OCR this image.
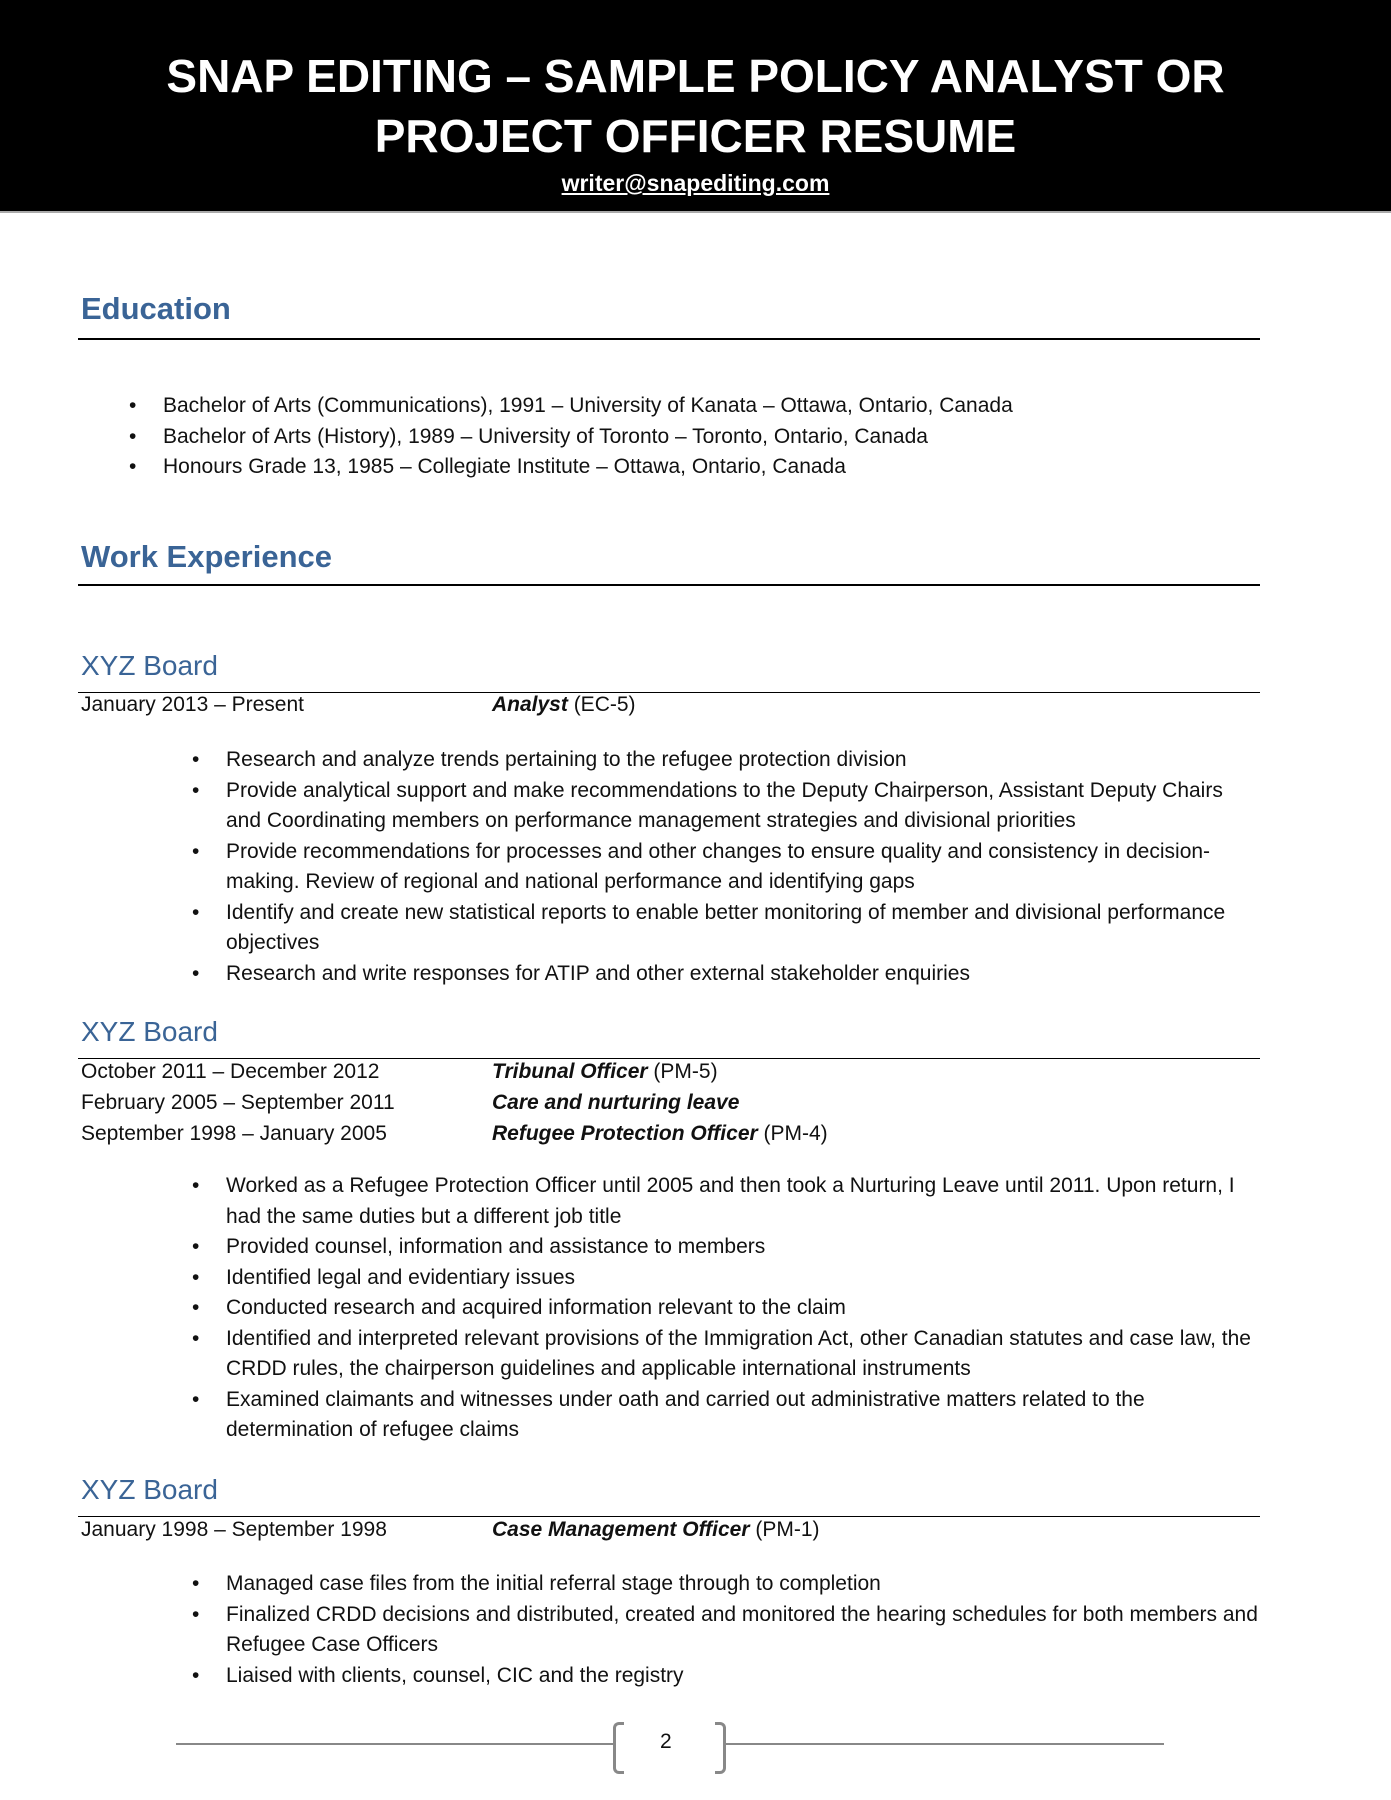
SNAP EDITING – SAMPLE POLICY ANALYST OR
PROJECT OFFICER RESUME
writer@snapediting.com
Education
• Bachelor of Arts (Communications), 1991 – University of Kanata – Ottawa, Ontario, Canada
• Bachelor of Arts (History), 1989 – University of Toronto – Toronto, Ontario, Canada
• Honours Grade 13, 1985 – Collegiate Institute – Ottawa, Ontario, Canada
Work Experience
XYZ Board
January 2013 – Present	Analyst (EC-5)
• Research and analyze trends pertaining to the refugee protection division
• Provide analytical support and make recommendations to the Deputy Chairperson, Assistant Deputy Chairs and Coordinating members on performance management strategies and divisional priorities
• Provide recommendations for processes and other changes to ensure quality and consistency in decision-making. Review of regional and national performance and identifying gaps
• Identify and create new statistical reports to enable better monitoring of member and divisional performance objectives
• Research and write responses for ATIP and other external stakeholder enquiries
XYZ Board
October 2011 – December 2012	Tribunal Officer (PM-5)
February 2005 – September 2011	Care and nurturing leave
September 1998 – January 2005	Refugee Protection Officer (PM-4)
• Worked as a Refugee Protection Officer until 2005 and then took a Nurturing Leave until 2011. Upon return, I had the same duties but a different job title
• Provided counsel, information and assistance to members
• Identified legal and evidentiary issues
• Conducted research and acquired information relevant to the claim
• Identified and interpreted relevant provisions of the Immigration Act, other Canadian statutes and case law, the CRDD rules, the chairperson guidelines and applicable international instruments
• Examined claimants and witnesses under oath and carried out administrative matters related to the determination of refugee claims
XYZ Board
January 1998 – September 1998	Case Management Officer (PM-1)
• Managed case files from the initial referral stage through to completion
• Finalized CRDD decisions and distributed, created and monitored the hearing schedules for both members and Refugee Case Officers
• Liaised with clients, counsel, CIC and the registry
2
